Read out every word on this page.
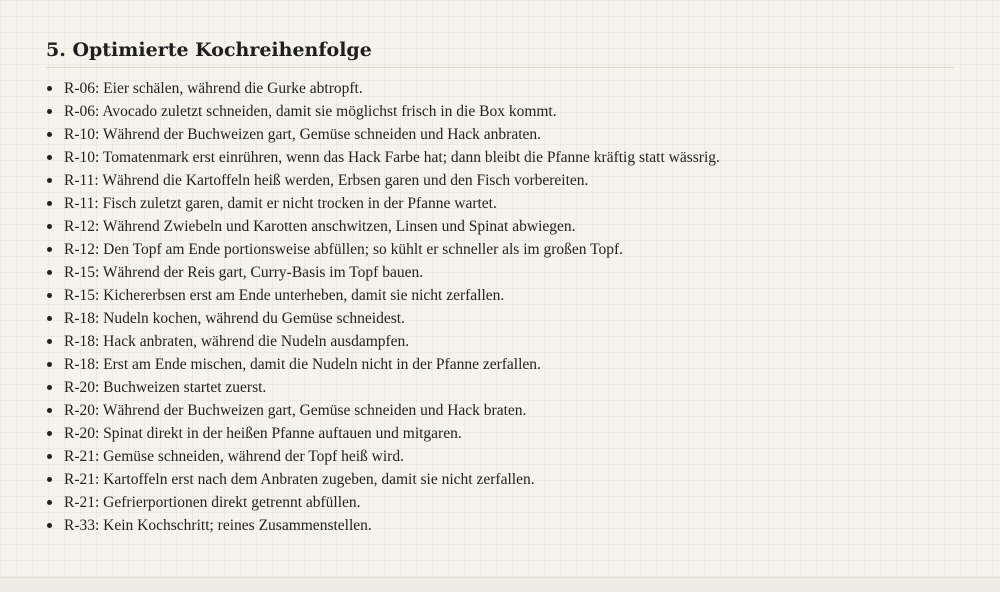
5. Optimierte Kochreihenfolge
R-06: Eier schälen, während die Gurke abtropft.
R-06: Avocado zuletzt schneiden, damit sie möglichst frisch in die Box kommt.
R-10: Während der Buchweizen gart, Gemüse schneiden und Hack anbraten.
R-10: Tomatenmark erst einrühren, wenn das Hack Farbe hat; dann bleibt die Pfanne kräftig statt wässrig.
R-11: Während die Kartoffeln heiß werden, Erbsen garen und den Fisch vorbereiten.
R-11: Fisch zuletzt garen, damit er nicht trocken in der Pfanne wartet.
R-12: Während Zwiebeln und Karotten anschwitzen, Linsen und Spinat abwiegen.
R-12: Den Topf am Ende portionsweise abfüllen; so kühlt er schneller als im großen Topf.
R-15: Während der Reis gart, Curry-Basis im Topf bauen.
R-15: Kichererbsen erst am Ende unterheben, damit sie nicht zerfallen.
R-18: Nudeln kochen, während du Gemüse schneidest.
R-18: Hack anbraten, während die Nudeln ausdampfen.
R-18: Erst am Ende mischen, damit die Nudeln nicht in der Pfanne zerfallen.
R-20: Buchweizen startet zuerst.
R-20: Während der Buchweizen gart, Gemüse schneiden und Hack braten.
R-20: Spinat direkt in der heißen Pfanne auftauen und mitgaren.
R-21: Gemüse schneiden, während der Topf heiß wird.
R-21: Kartoffeln erst nach dem Anbraten zugeben, damit sie nicht zerfallen.
R-21: Gefrierportionen direkt getrennt abfüllen.
R-33: Kein Kochschritt; reines Zusammenstellen.
